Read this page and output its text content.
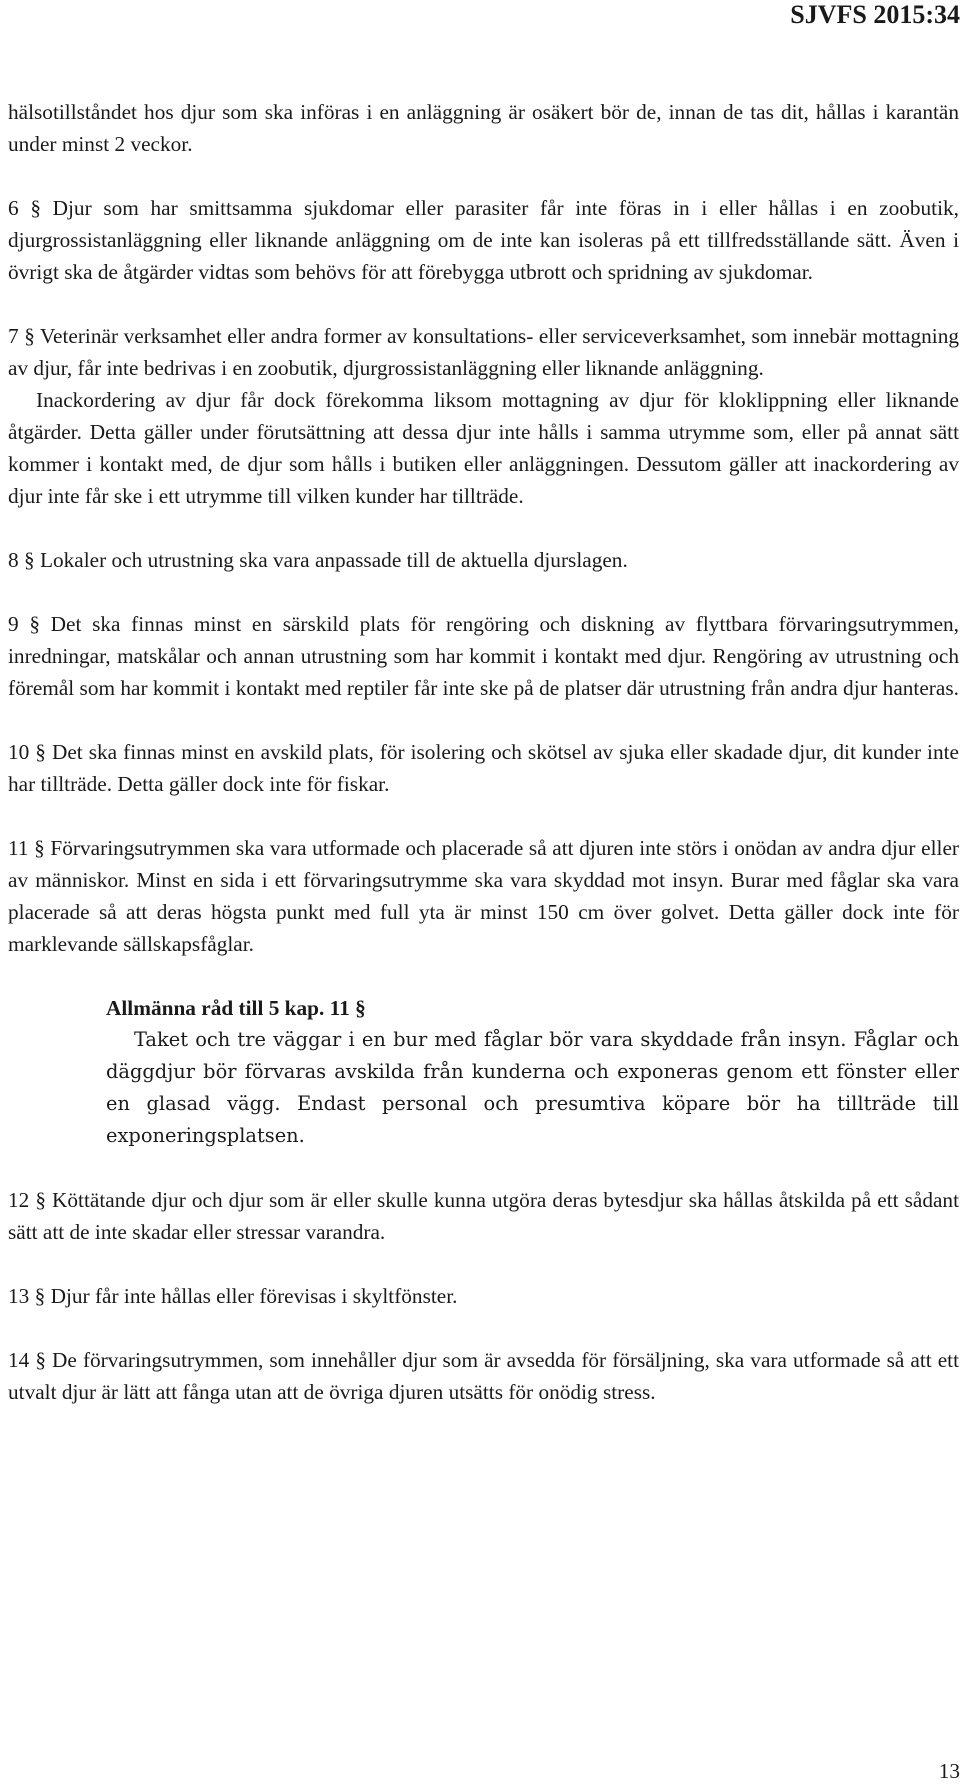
SJVFS 2015:34

hälsotillståndet hos djur som ska införas i en anläggning är osäkert bör de, innan de tas dit, hållas i karantän under minst 2 veckor.

6 § Djur som har smittsamma sjukdomar eller parasiter får inte föras in i eller hållas i en zoobutik, djurgrossistanläggning eller liknande anläggning om de inte kan isoleras på ett tillfredsställande sätt. Även i övrigt ska de åtgärder vidtas som behövs för att förebygga utbrott och spridning av sjukdomar.

7 § Veterinär verksamhet eller andra former av konsultations- eller serviceverksamhet, som innebär mottagning av djur, får inte bedrivas i en zoobutik, djurgrossistanläggning eller liknande anläggning.

Inackordering av djur får dock förekomma liksom mottagning av djur för kloklippning eller liknande åtgärder. Detta gäller under förutsättning att dessa djur inte hålls i samma utrymme som, eller på annat sätt kommer i kontakt med, de djur som hålls i butiken eller anläggningen. Dessutom gäller att inackordering av djur inte får ske i ett utrymme till vilken kunder har tillträde.

8 § Lokaler och utrustning ska vara anpassade till de aktuella djurslagen.

9 § Det ska finnas minst en särskild plats för rengöring och diskning av flyttbara förvaringsutrymmen, inredningar, matskålar och annan utrustning som har kommit i kontakt med djur. Rengöring av utrustning och föremål som har kommit i kontakt med reptiler får inte ske på de platser där utrustning från andra djur hanteras.

10 § Det ska finnas minst en avskild plats, för isolering och skötsel av sjuka eller skadade djur, dit kunder inte har tillträde. Detta gäller dock inte för fiskar.

11 § Förvaringsutrymmen ska vara utformade och placerade så att djuren inte störs i onödan av andra djur eller av människor. Minst en sida i ett förvaringsutrymme ska vara skyddad mot insyn. Burar med fåglar ska vara placerade så att deras högsta punkt med full yta är minst 150 cm över golvet. Detta gäller dock inte för marklevande sällskapsfåglar.

Allmänna råd till 5 kap. 11 §

Taket och tre väggar i en bur med fåglar bör vara skyddade från insyn. Fåglar och däggdjur bör förvaras avskilda från kunderna och exponeras genom ett fönster eller en glasad vägg. Endast personal och presumtiva köpare bör ha tillträde till exponeringsplatsen.

12 § Köttätande djur och djur som är eller skulle kunna utgöra deras bytesdjur ska hållas åtskilda på ett sådant sätt att de inte skadar eller stressar varandra.

13 § Djur får inte hållas eller förevisas i skyltfönster.

14 § De förvaringsutrymmen, som innehåller djur som är avsedda för försäljning, ska vara utformade så att ett utvalt djur är lätt att fånga utan att de övriga djuren utsätts för onödig stress.

13
